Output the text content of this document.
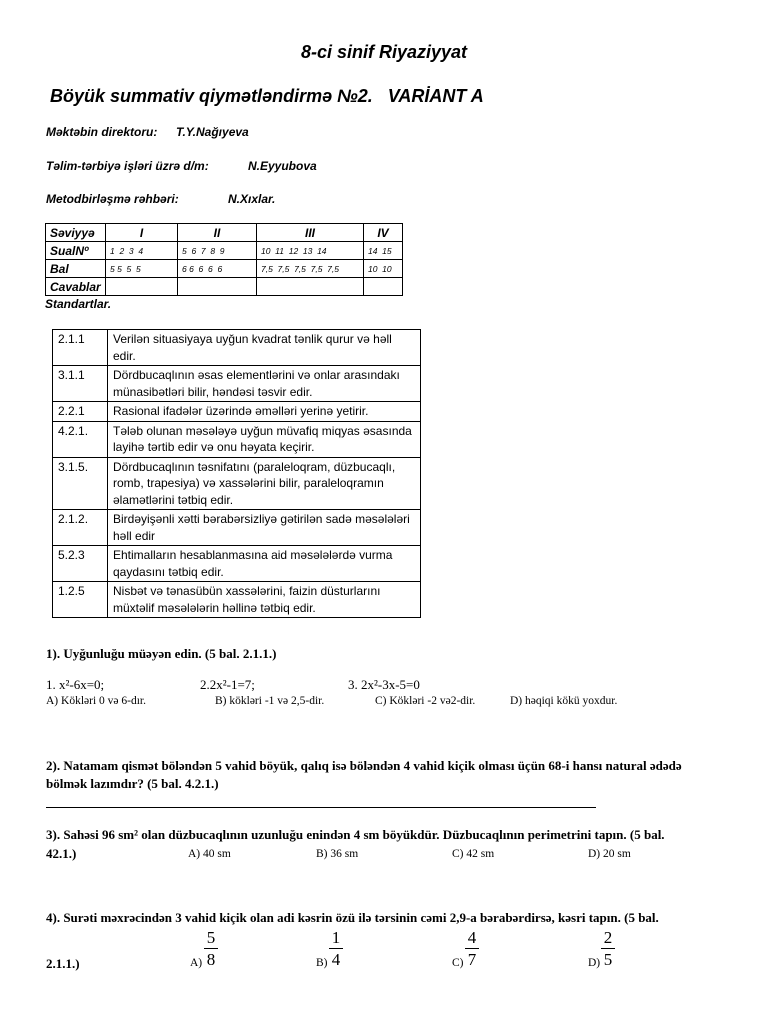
8-ci sinif Riyaziyyat
Böyük summativ qiymətləndirmə №2.   VARİANT A
Məktəbin direktoru: T.Y.Nağıyeva
Təlim-tərbiyə işləri üzrə d/m:	N.Eyyubova
Metodbirləşmə rəhbəri:	N.Xıxlar.
Səviyyə	I	II	III	IV
SualNº	1  2  3  4	5  6  7  8  9	10  11  12  13  14	14  15
Bal	5 5  5  5	6 6  6  6  6	7,5  7,5  7,5  7,5  7,5	10  10
Cavablar				
Standartlar.
2.1.1	Verilən situasiyaya uyğun kvadrat tənlik qurur və həll edir.
3.1.1	Dördbucaqlının əsas elementlərini və onlar arasındakı münasibətləri bilir, həndəsi təsvir edir.
2.2.1	Rasional ifadələr üzərində əməlləri yerinə yetirir.
4.2.1.	Tələb olunan məsələyə uyğun müvafiq miqyas əsasında layihə tərtib edir və onu həyata keçirir.
3.1.5.	Dördbucaqlının təsnifatını (paraleloqram, düzbucaqlı, romb, trapesiya) və xassələrini bilir, paraleloqramın əlamətlərini tətbiq edir.
2.1.2.	Birdəyişənli xətti bərabərsizliyə gətirilən sadə məsələləri həll edir
5.2.3	Ehtimalların hesablanmasına aid məsələlərdə vurma qaydasını tətbiq edir.
1.2.5	Nisbət və tənasübün xassələrini, faizin düsturlarını müxtəlif məsələlərin həllinə tətbiq edir.
1). Uyğunluğu müəyən edin. (5 bal. 2.1.1.)
1. x²-6x=0;	2.2x²-1=7;	3. 2x²-3x-5=0
A) Kökləri 0 və 6-dır.	B) kökləri -1 və 2,5-dir.	C) Kökləri -2 və2-dir.	D) həqiqi kökü yoxdur.
2). Natamam qismət böləndən 5 vahid böyük, qalıq isə böləndən 4 vahid kiçik olması üçün 68-i hansı natural ədədə
bölmək lazımdır? (5 bal. 4.2.1.)
3). Sahəsi 96 sm² olan düzbucaqlının uzunluğu enindən 4 sm böyükdür. Düzbucaqlının perimetrini tapın. (5 bal.
42.1.)	A) 40 sm	B) 36 sm	C) 42 sm	D) 20 sm
4). Surəti məxrəcindən 3 vahid kiçik olan adi kəsrin özü ilə tərsinin cəmi 2,9-a bərabərdirsə, kəsri tapın. (5 bal.
2.1.1.)	A)
5
8	B)
1
4	C)
4
7	D)
2
5
